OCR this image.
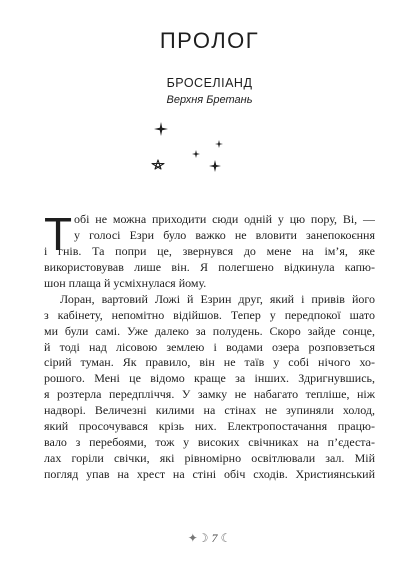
ПРОЛОГ
БРОСЕЛІАНД
Верхня Бретань
Т обі не можна приходити сюди одній у цю пору, Ві, —
у голосі Езри було важко не вловити занепокоєння
і гнів. Та попри це, звернувся до мене на ім’я, яке
використовував лише він. Я полегшено відкинула капю-
шон плаща й усміхнулася йому.
Лоран, вартовий Ложі й Езрин друг, який і привів його
з кабінету, непомітно відійшов. Тепер у передпокої шато
ми були самі. Уже далеко за полудень. Скоро зайде сонце,
й тоді над лісовою землею і водами озера розповзеться
сірий туман. Як правило, він не таїв у собі нічого хо-
рошого. Мені це відомо краще за інших. Здригнувшись,
я розтерла передпліччя. У замку не набагато тепліше, ніж
надворі. Величезні килими на стінах не зупиняли холод,
який просочувався крізь них. Електропостачання працю-
вало з перебоями, тож у високих свічниках на п’єдеста-
лах горіли свічки, які рівномірно освітлювали зал. Мій
погляд упав на хрест на стіні обіч сходів. Християнський
✦☽ 7 ☾
